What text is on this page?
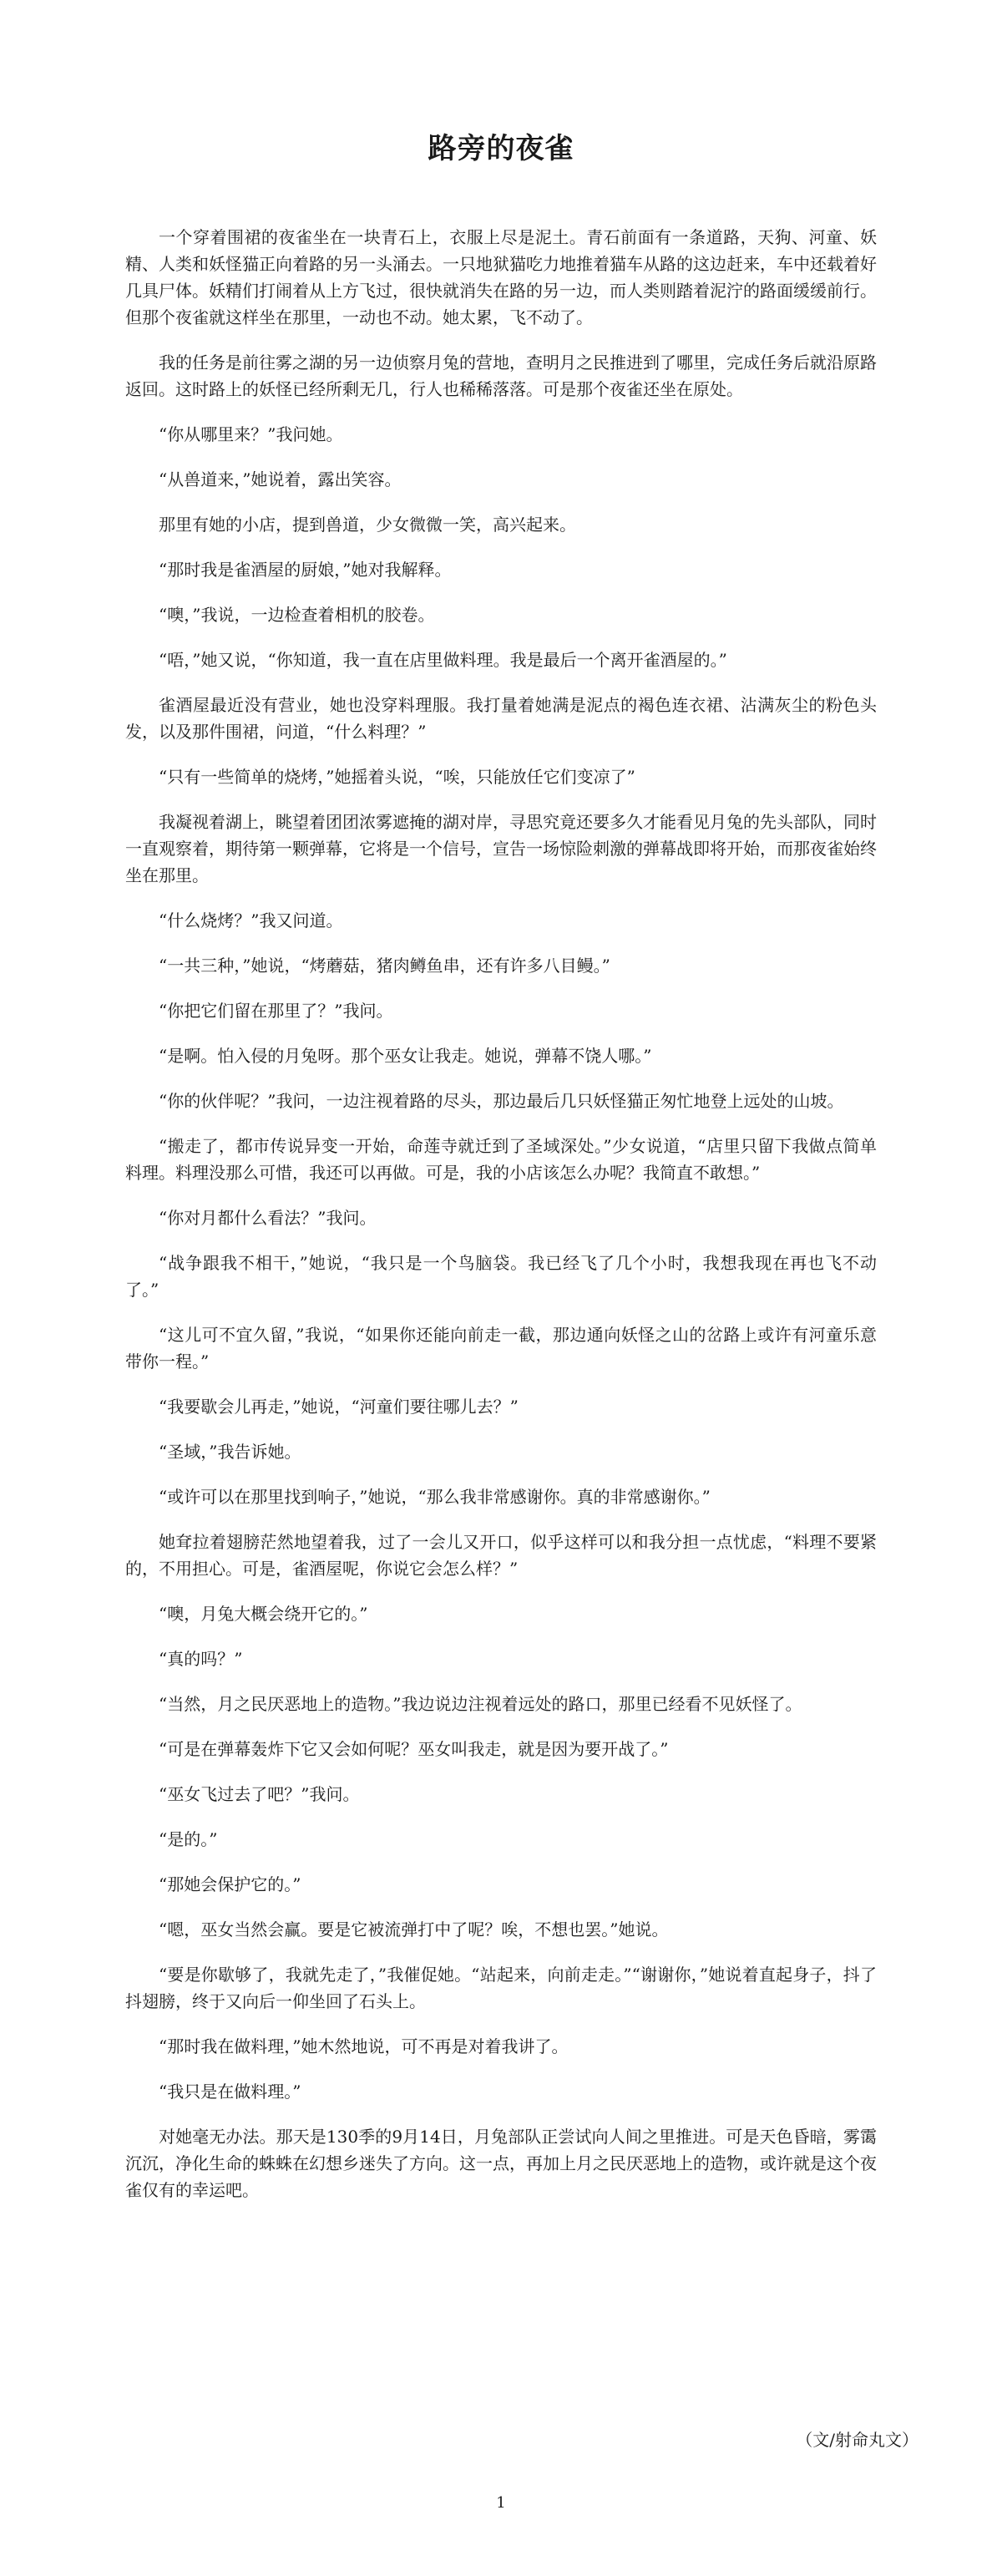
路旁的夜雀

一个穿着围裙的夜雀坐在一块青石上，衣服上尽是泥土。青石前面有一条道路，天狗、河童、妖精、人类和妖怪猫正向着路的另一头涌去。一只地狱猫吃力地推着猫车从路的这边赶来，车中还载着好几具尸体。妖精们打闹着从上方飞过，很快就消失在路的另一边，而人类则踏着泥泞的路面缓缓前行。但那个夜雀就这样坐在那里，一动也不动。她太累，飞不动了。

我的任务是前往雾之湖的另一边侦察月兔的营地，查明月之民推进到了哪里，完成任务后就沿原路返回。这时路上的妖怪已经所剩无几，行人也稀稀落落。可是那个夜雀还坐在原处。

“你从哪里来？”我问她。

“从兽道来，”她说着，露出笑容。

那里有她的小店，提到兽道，少女微微一笑，高兴起来。

“那时我是雀酒屋的厨娘，”她对我解释。

“噢，”我说，一边检查着相机的胶卷。

“唔，”她又说，“你知道，我一直在店里做料理。我是最后一个离开雀酒屋的。”

雀酒屋最近没有营业，她也没穿料理服。我打量着她满是泥点的褐色连衣裙、沾满灰尘的粉色头发，以及那件围裙，问道，“什么料理？”

“只有一些简单的烧烤，”她摇着头说，“唉，只能放任它们变凉了”

我凝视着湖上，眺望着团团浓雾遮掩的湖对岸，寻思究竟还要多久才能看见月兔的先头部队，同时一直观察着，期待第一颗弹幕，它将是一个信号，宣告一场惊险刺激的弹幕战即将开始，而那夜雀始终坐在那里。

“什么烧烤？”我又问道。

“一共三种，”她说，“烤蘑菇，猪肉鳟鱼串，还有许多八目鳗。”

“你把它们留在那里了？”我问。

“是啊。怕入侵的月兔呀。那个巫女让我走。她说，弹幕不饶人哪。”

“你的伙伴呢？”我问，一边注视着路的尽头，那边最后几只妖怪猫正匆忙地登上远处的山坡。

“搬走了，都市传说异变一开始，命莲寺就迁到了圣域深处。”少女说道，“店里只留下我做点简单料理。料理没那么可惜，我还可以再做。可是，我的小店该怎么办呢？我简直不敢想。”

“你对月都什么看法？”我问。

“战争跟我不相干，”她说，“我只是一个鸟脑袋。我已经飞了几个小时，我想我现在再也飞不动了。”

“这儿可不宜久留，”我说，“如果你还能向前走一截，那边通向妖怪之山的岔路上或许有河童乐意带你一程。”

“我要歇会儿再走，”她说，“河童们要往哪儿去？”

“圣域，”我告诉她。

“或许可以在那里找到响子，”她说，“那么我非常感谢你。真的非常感谢你。”

她耷拉着翅膀茫然地望着我，过了一会儿又开口，似乎这样可以和我分担一点忧虑，“料理不要紧的，不用担心。可是，雀酒屋呢，你说它会怎么样？”

“噢，月兔大概会绕开它的。”

“真的吗？”

“当然，月之民厌恶地上的造物。”我边说边注视着远处的路口，那里已经看不见妖怪了。

“可是在弹幕轰炸下它又会如何呢？巫女叫我走，就是因为要开战了。”

“巫女飞过去了吧？”我问。

“是的。”

“那她会保护它的。”

“嗯，巫女当然会赢。要是它被流弹打中了呢？唉，不想也罢。”她说。

“要是你歇够了，我就先走了，”我催促她。“站起来，向前走走。”“谢谢你，”她说着直起身子，抖了抖翅膀，终于又向后一仰坐回了石头上。

“那时我在做料理，”她木然地说，可不再是对着我讲了。

“我只是在做料理。”

对她毫无办法。那天是130季的9月14日，月兔部队正尝试向人间之里推进。可是天色昏暗，雾霭沉沉，净化生命的蛛蛛在幻想乡迷失了方向。这一点，再加上月之民厌恶地上的造物，或许就是这个夜雀仅有的幸运吧。

（文/射命丸文）
1
